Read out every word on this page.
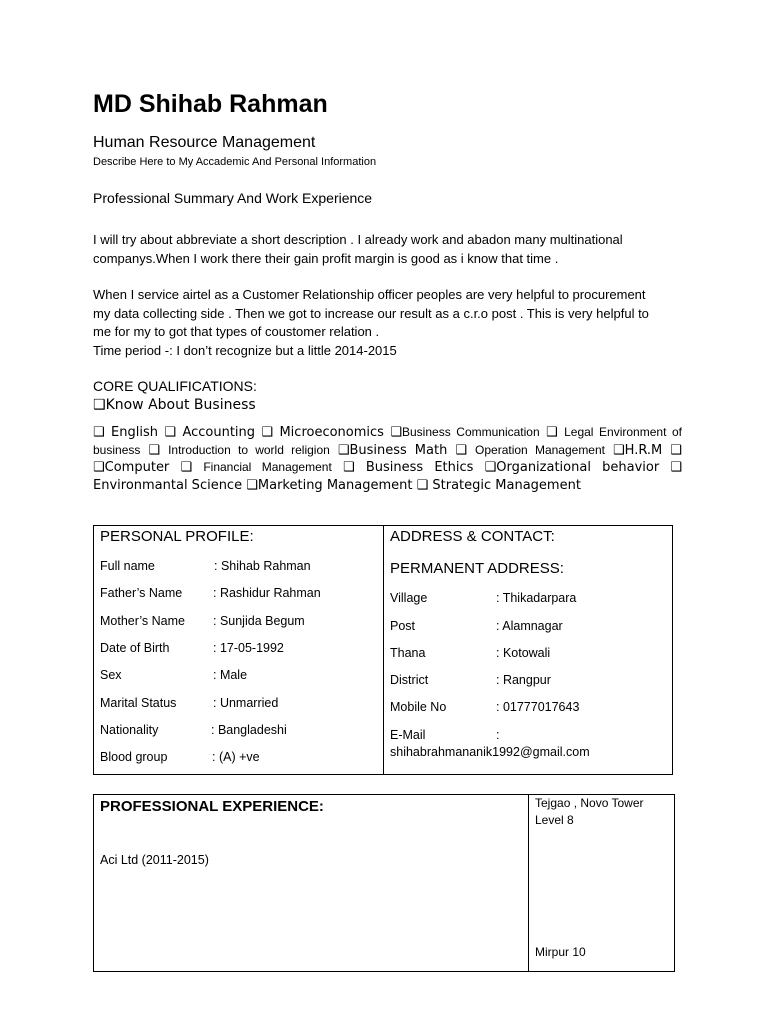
MD Shihab Rahman
Human Resource Management
Describe Here to My Accademic And Personal Information
Professional Summary And Work Experience
I will try about abbreviate a short description . I already work and abadon many multinational
companys.When I work there their gain profit margin is good as i know that time .
When I service airtel as a Customer Relationship officer peoples are very helpful to procurement
my data collecting side . Then we got to increase our result as a c.r.o post . This is very helpful to
me for my to got that types of coustomer relation .
Time period -: I don’t recognize but a little 2014-2015
CORE QUALIFICATIONS:
❑Know About Business
❑ English ❑ Accounting ❑ Microeconomics ❑Business Communication ❑ Legal Environment of business ❑ Introduction to world religion ❑Business Math ❑ Operation Management ❑H.R.M ❑ ❑Computer ❑ Financial Management ❑ Business Ethics ❑Organizational behavior ❑ Environmantal Science ❑Marketing Management ❑ Strategic Management
PERSONAL PROFILE:
Full name	: Shihab Rahman
Father’s Name : Rashidur Rahman
Mother’s Name : Sunjida Begum
Date of Birth	: 17-05-1992
Sex	: Male
Marital Status	: Unmarried
Nationality	: Bangladeshi
Blood group	: (A) +ve
ADDRESS & CONTACT:
PERMANENT ADDRESS:
Village	: Thikadarpara
Post	: Alamnagar
Thana	: Kotowali
District	: Rangpur
Mobile No	: 01777017643
E-Mail	:
shihabrahmananik1992@gmail.com
PROFESSIONAL EXPERIENCE:
Aci Ltd (2011-2015)
Tejgao , Novo Tower
Level 8
Mirpur 10
